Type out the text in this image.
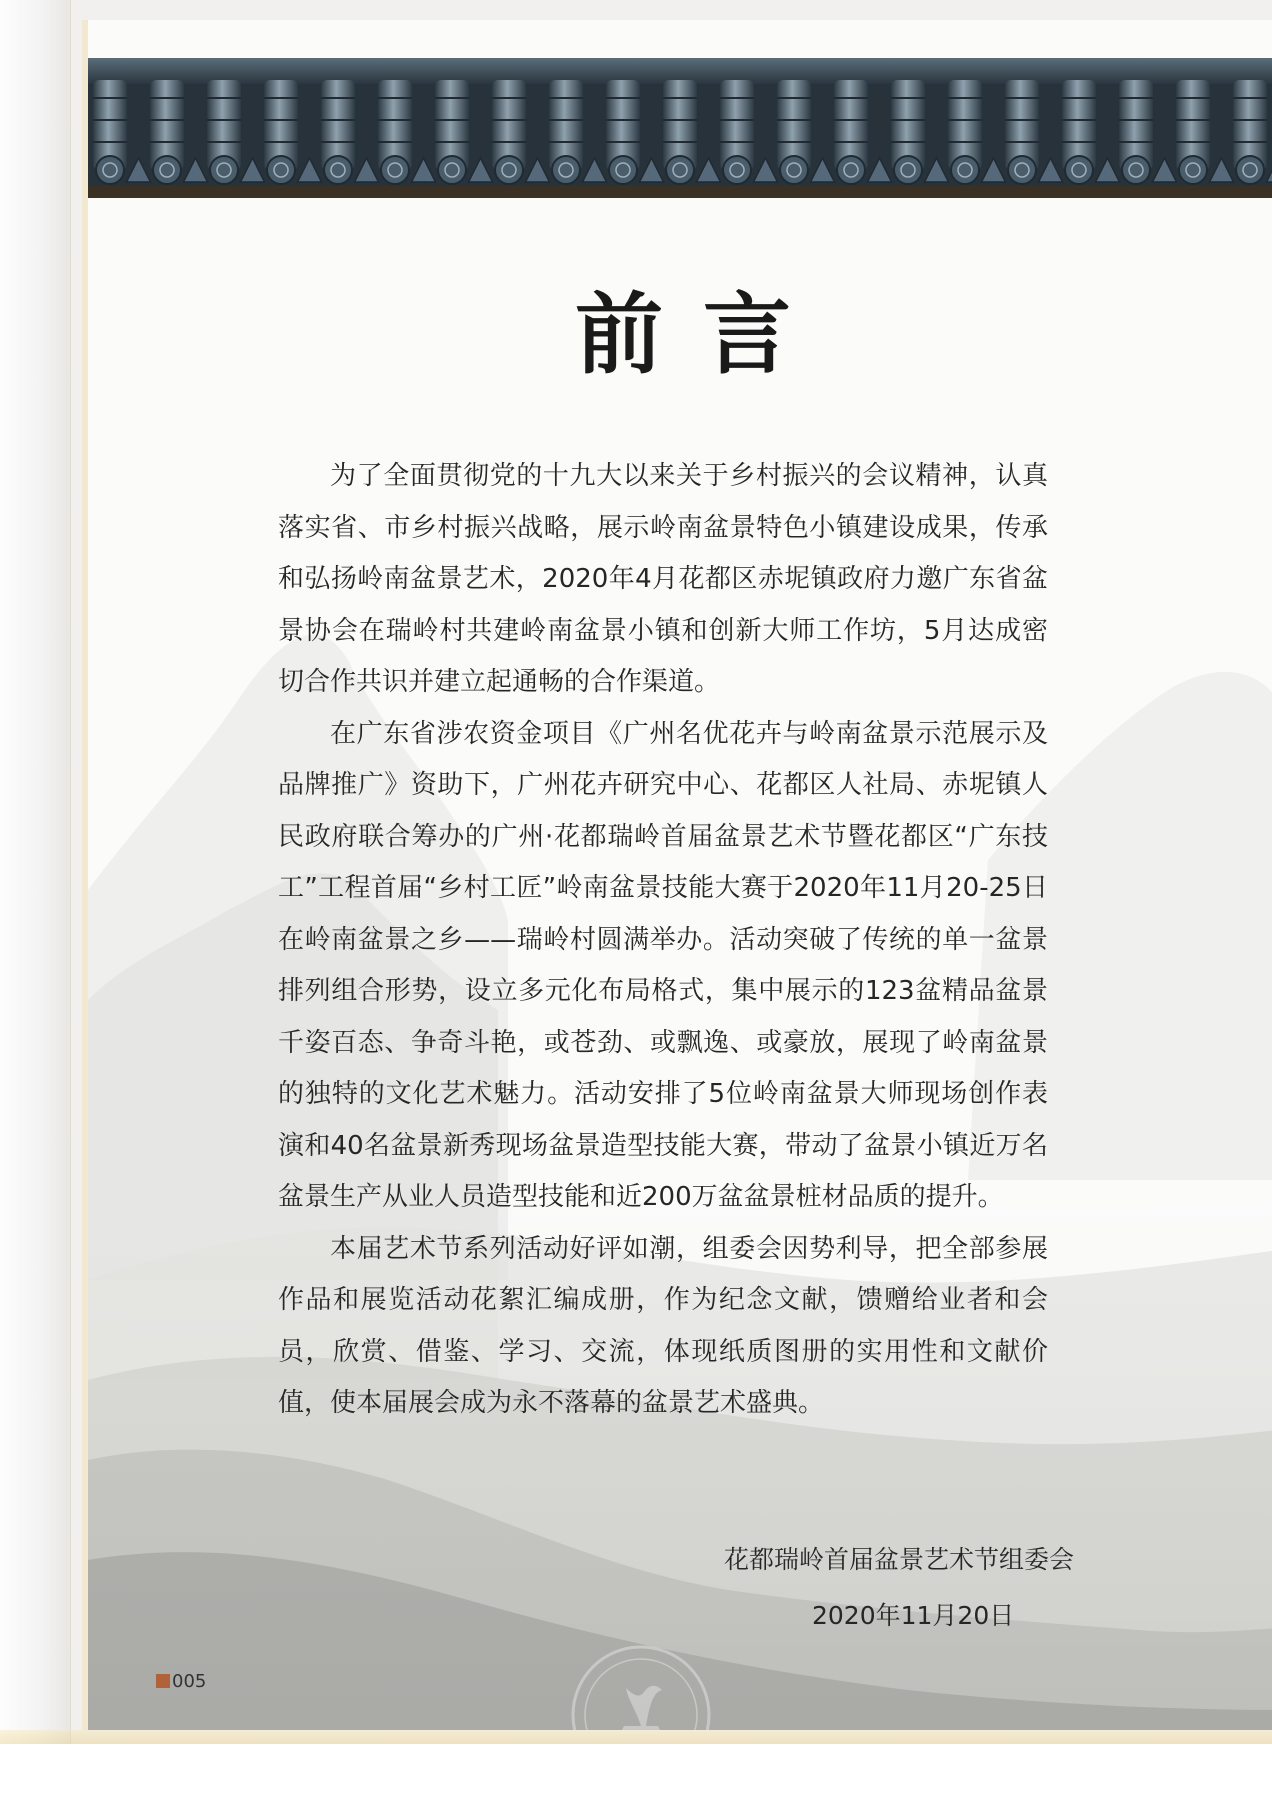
前言

为了全面贯彻党的十九大以来关于乡村振兴的会议精神，认真落实省、市乡村振兴战略，展示岭南盆景特色小镇建设成果，传承和弘扬岭南盆景艺术，2020年4月花都区赤坭镇政府力邀广东省盆景协会在瑞岭村共建岭南盆景小镇和创新大师工作坊，5月达成密切合作共识并建立起通畅的合作渠道。

在广东省涉农资金项目《广州名优花卉与岭南盆景示范展示及品牌推广》资助下，广州花卉研究中心、花都区人社局、赤坭镇人民政府联合筹办的广州·花都瑞岭首届盆景艺术节暨花都区“广东技工”工程首届“乡村工匠”岭南盆景技能大赛于2020年11月20-25日在岭南盆景之乡——瑞岭村圆满举办。活动突破了传统的单一盆景排列组合形势，设立多元化布局格式，集中展示的123盆精品盆景千姿百态、争奇斗艳，或苍劲、或飘逸、或豪放，展现了岭南盆景的独特的文化艺术魅力。活动安排了5位岭南盆景大师现场创作表演和40名盆景新秀现场盆景造型技能大赛，带动了盆景小镇近万名盆景生产从业人员造型技能和近200万盆盆景桩材品质的提升。

本届艺术节系列活动好评如潮，组委会因势利导，把全部参展作品和展览活动花絮汇编成册，作为纪念文献，馈赠给业者和会员，欣赏、借鉴、学习、交流，体现纸质图册的实用性和文献价值，使本届展会成为永不落幕的盆景艺术盛典。

花都瑞岭首届盆景艺术节组委会
2020年11月20日
005
